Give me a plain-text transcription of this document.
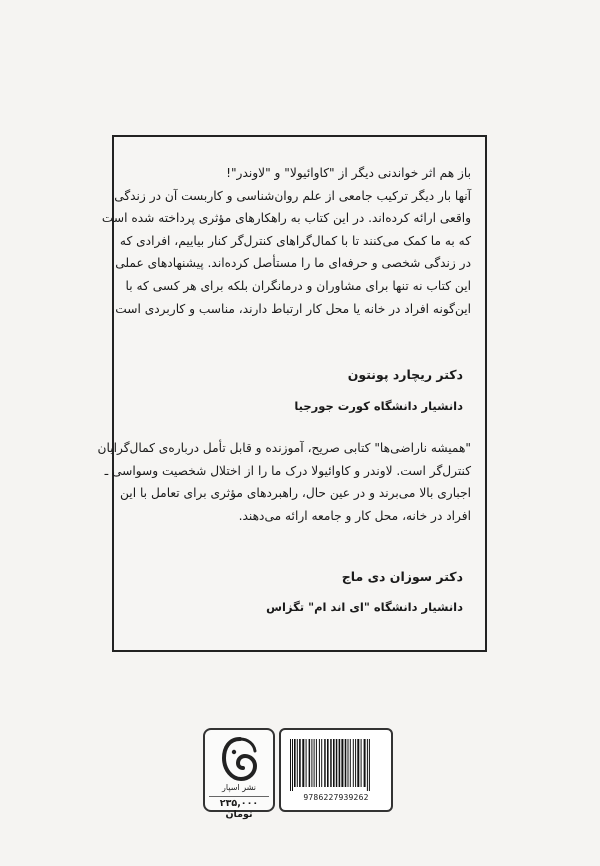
باز هم اثر خواندنی دیگر از "کاوائیولا" و "لاوندر"!
آنها بار دیگر ترکیب جامعی از علم روان‌شناسی و کاربست آن در زندگی
واقعی ارائه کرده‌اند. در این کتاب به راهکارهای مؤثری پرداخته شده است
که به ما کمک می‌کنند تا با کمال‌گراهای کنترل‌گر کنار بیاییم، افرادی که
در زندگی شخصی و حرفه‌ای ما را مستأصل کرده‌اند. پیشنهادهای عملی
این کتاب نه تنها برای مشاوران و درمانگران بلکه برای هر کسی که با
این‌گونه افراد در خانه یا محل کار ارتباط دارند، مناسب و کاربردی است.
دکتر ریچارد پونتون
دانشیار دانشگاه کورت جورجیا
"همیشه ناراضی‌ها" کتابی صریح، آموزنده و قابل تأمل درباره‌ی کمال‌گرایان
کنترل‌گر است. لاوندر و کاوائیولا درک ما را از اختلال شخصیت وسواسی ـ
اجباری بالا می‌برند و در عین حال، راهبردهای مؤثری برای تعامل با این
افراد در خانه، محل کار و جامعه ارائه می‌دهند.
دکتر سوزان دی ماج
دانشیار دانشگاه "ای اند ام" تگزاس
نشر اسپار
۲۳۵,۰۰۰ تومان
9786227939262
